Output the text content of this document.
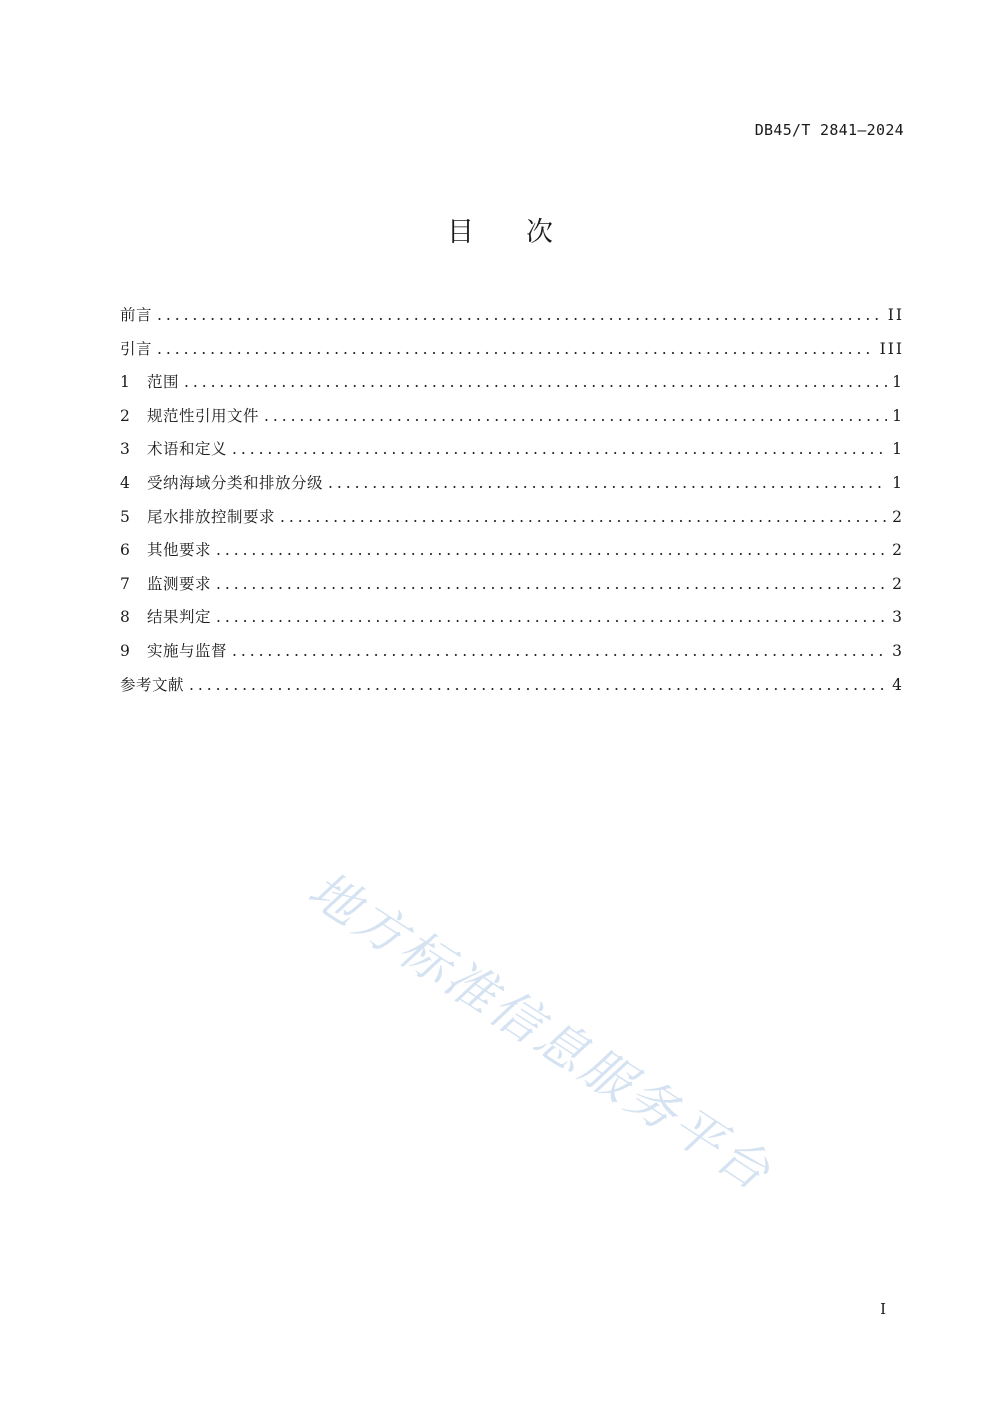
DB45/T 2841—2024
目次
前言 . . .	II
引言 . . .	III
1	范围 . . .	1
2	规范性引用文件 . . .	1
3	术语和定义 . . .	1
4	受纳海域分类和排放分级 . . .	1
5	尾水排放控制要求 . . .	2
6	其他要求 . . .	2
7	监测要求 . . .	2
8	结果判定 . . .	3
9	实施与监督 . . .	3
参考文献 . . .	4
地方标准信息服务平台
I
